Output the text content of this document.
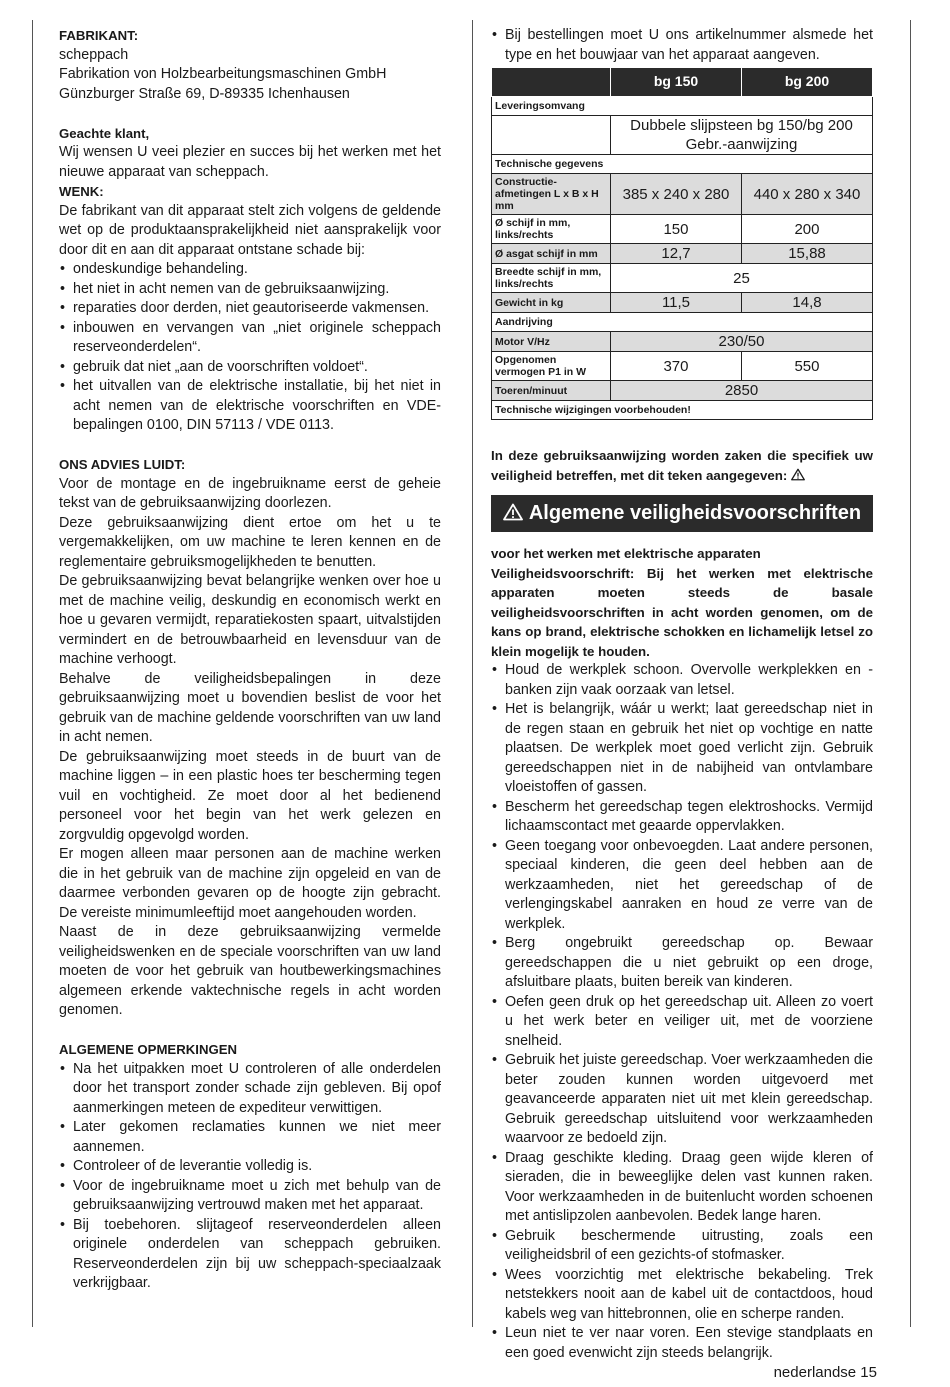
FABRIKANT:

scheppach

Fabrikation von Holzbearbeitungsmaschinen GmbH

Günzburger Straße 69, D-89335 Ichenhausen

Geachte klant,

Wij wensen U veei plezier en succes bij het werken met het nieuwe apparaat van scheppach.

WENK:

De fabrikant van dit apparaat stelt zich volgens de geldende wet op de produktaansprakelijkheid niet aansprakelijk voor door dit en aan dit apparaat ontstane schade bij:

• ondeskundige behandeling.
• het niet in acht nemen van de gebruiksaanwijzing.
• reparaties door derden, niet geautoriseerde vakmensen.
• inbouwen en vervangen van „niet originele scheppach reserveonderdelen“.
• gebruik dat niet „aan de voorschriften voldoet“.
• het uitvallen van de elektrische installatie, bij het niet in acht nemen van de elektrische voorschriften en VDE-bepalingen 0100, DIN 57113 / VDE 0113.

ONS ADVIES LUIDT:

Voor de montage en de ingebruikname eerst de geheie tekst van de gebruiksaanwijzing doorlezen.

Deze gebruiksaanwijzing dient ertoe om het u te vergemakkelijken, om uw machine te leren kennen en de reglementaire gebruiksmogelijkheden te benutten.

De gebruiksaanwijzing bevat belangrijke wenken over hoe u met de machine veilig, deskundig en economisch werkt en hoe u gevaren vermijdt, reparatiekosten spaart, uitvalstijden vermindert en de betrouwbaarheid en levensduur van de machine verhoogt.

Behalve de veiligheidsbepalingen in deze gebruiksaanwijzing moet u bovendien beslist de voor het gebruik van de machine geldende voorschriften van uw land in acht nemen.

De gebruiksaanwijzing moet steeds in de buurt van de machine liggen – in een plastic hoes ter bescherming tegen vuil en vochtigheid. Ze moet door al het bedienend personeel voor het begin van het werk gelezen en zorgvuldig opgevolgd worden.

Er mogen alleen maar personen aan de machine werken die in het gebruik van de machine zijn opgeleid en van de daarmee verbonden gevaren op de hoogte zijn gebracht. De vereiste minimumleeftijd moet aangehouden worden.

Naast de in deze gebruiksaanwijzing vermelde veiligheidswenken en de speciale voorschriften van uw land moeten de voor het gebruik van houtbewerkingsmachines algemeen erkende vaktechnische regels in acht worden genomen.

ALGEMENE OPMERKINGEN

• Na het uitpakken moet U controleren of alle onderdelen door het transport zonder schade zijn gebleven. Bij opof aanmerkingen meteen de expediteur verwittigen.
• Later gekomen reclamaties kunnen we niet meer aannemen.
• Controleer of de leverantie volledig is.
• Voor de ingebruikname moet u zich met behulp van de gebruiksaanwijzing vertrouwd maken met het apparaat.
• Bij toebehoren. slijtageof reserveonderdelen alleen originele onderdelen van scheppach gebruiken. Reserveonderdelen zijn bij uw scheppach-speciaalzaak verkrijgbaar.
• Bij bestellingen moet U ons artikelnummer alsmede het type en het bouwjaar van het apparaat aangeven.
	bg 150	bg 200
Leveringsomvang		

	Dubbele slijpsteen bg 150/bg 200
Gebr.-aanwijzing	

Technische gegevens		
Constructie-afmetingen L x B x H mm	385 x 240 x 280	440 x 280 x 340
Ø schijf in mm, links/rechts	150	200
Ø asgat schijf in mm	12,7	15,88
Breedte schijf in mm, links/rechts	25	
Gewicht in kg	11,5	14,8
Aandrijving		
Motor V/Hz	230/50	
Opgenomen vermogen P1 in W	370	550
Toeren/minuut	2850	
Technische wijzigingen voorbehouden!		

In deze gebruiksaanwijzing worden zaken die specifiek uw veiligheid betreffen, met dit teken aangegeven:

Algemene veiligheidsvoorschriften

voor het werken met elektrische apparaten

Veiligheidsvoorschrift: Bij het werken met elektrische apparaten moeten steeds de basale veiligheidsvoorschriften in acht worden genomen, om de kans op brand, elektrische schokken en lichamelijk letsel zo klein mogelijk te houden.

• Houd de werkplek schoon. Overvolle werkplekken en -banken zijn vaak oorzaak van letsel.
• Het is belangrijk, wáár u werkt; laat gereedschap niet in de regen staan en gebruik het niet op vochtige en natte plaatsen. De werkplek moet goed verlicht zijn. Gebruik gereedschappen niet in de nabijheid van ontvlambare vloeistoffen of gassen.
• Bescherm het gereedschap tegen elektroshocks. Vermijd lichaamscontact met geaarde oppervlakken.
• Geen toegang voor onbevoegden. Laat andere personen, speciaal kinderen, die geen deel hebben aan de werkzaamheden, niet het gereedschap of de verlengingskabel aanraken en houd ze verre van de werkplek.
• Berg ongebruikt gereedschap op. Bewaar gereedschappen die u niet gebruikt op een droge, afsluitbare plaats, buiten bereik van kinderen.
• Oefen geen druk op het gereedschap uit. Alleen zo voert u het werk beter en veiliger uit, met de voorziene snelheid.
• Gebruik het juiste gereedschap. Voer werkzaamheden die beter zouden kunnen worden uitgevoerd met geavanceerde apparaten niet uit met klein gereedschap. Gebruik gereedschap uitsluitend voor werkzaamheden waarvoor ze bedoeld zijn.
• Draag geschikte kleding. Draag geen wijde kleren of sieraden, die in beweeglijke delen vast kunnen raken. Voor werkzaamheden in de buitenlucht worden schoenen met antislipzolen aanbevolen. Bedek lange haren.
• Gebruik beschermende uitrusting, zoals een veiligheidsbril of een gezichts-of stofmasker.
• Wees voorzichtig met elektrische bekabeling. Trek netstekkers nooit aan de kabel uit de contactdoos, houd kabels weg van hittebronnen, olie en scherpe randen.
• Leun niet te ver naar voren. Een stevige standplaats en een goed evenwicht zijn steeds belangrijk.
nederlandse 15
